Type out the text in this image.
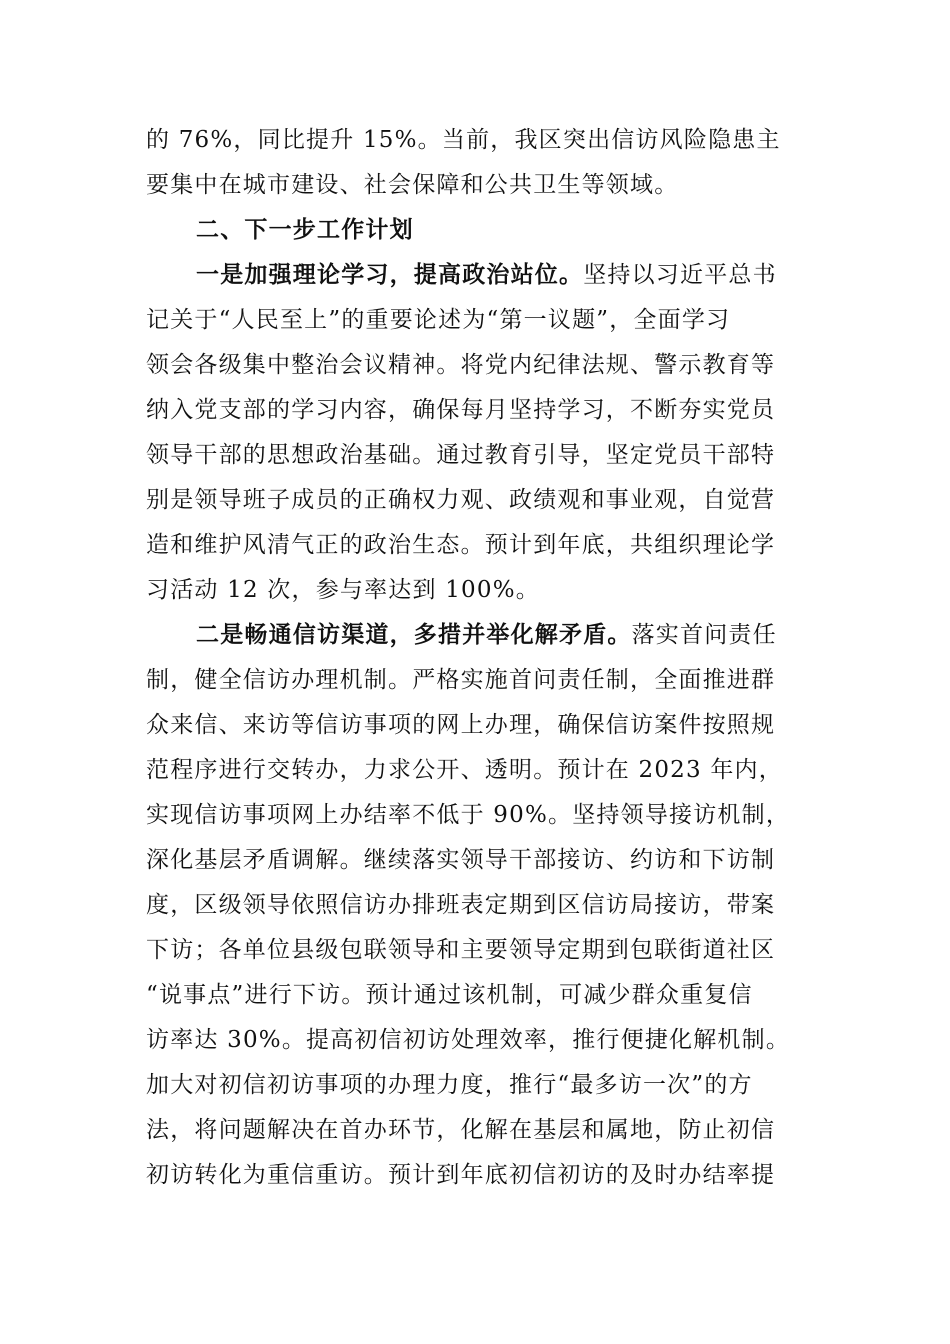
的 76%，同比提升 15%。当前，我区突出信访风险隐患主
要集中在城市建设、社会保障和公共卫生等领域。
二、下一步工作计划
一是加强理论学习，提高政治站位。坚持以习近平总书
记关于“人民至上”的重要论述为“第一议题”，全面学习
领会各级集中整治会议精神。将党内纪律法规、警示教育等
纳入党支部的学习内容，确保每月坚持学习，不断夯实党员
领导干部的思想政治基础。通过教育引导，坚定党员干部特
别是领导班子成员的正确权力观、政绩观和事业观，自觉营
造和维护风清气正的政治生态。预计到年底，共组织理论学
习活动 12 次，参与率达到 100%。
二是畅通信访渠道，多措并举化解矛盾。落实首问责任
制，健全信访办理机制。严格实施首问责任制，全面推进群
众来信、来访等信访事项的网上办理，确保信访案件按照规
范程序进行交转办，力求公开、透明。预计在 2023 年内，
实现信访事项网上办结率不低于 90%。坚持领导接访机制，
深化基层矛盾调解。继续落实领导干部接访、约访和下访制
度，区级领导依照信访办排班表定期到区信访局接访，带案
下访；各单位县级包联领导和主要领导定期到包联街道社区
“说事点”进行下访。预计通过该机制，可减少群众重复信
访率达 30%。提高初信初访处理效率，推行便捷化解机制。
加大对初信初访事项的办理力度，推行“最多访一次”的方
法，将问题解决在首办环节，化解在基层和属地，防止初信
初访转化为重信重访。预计到年底初信初访的及时办结率提
